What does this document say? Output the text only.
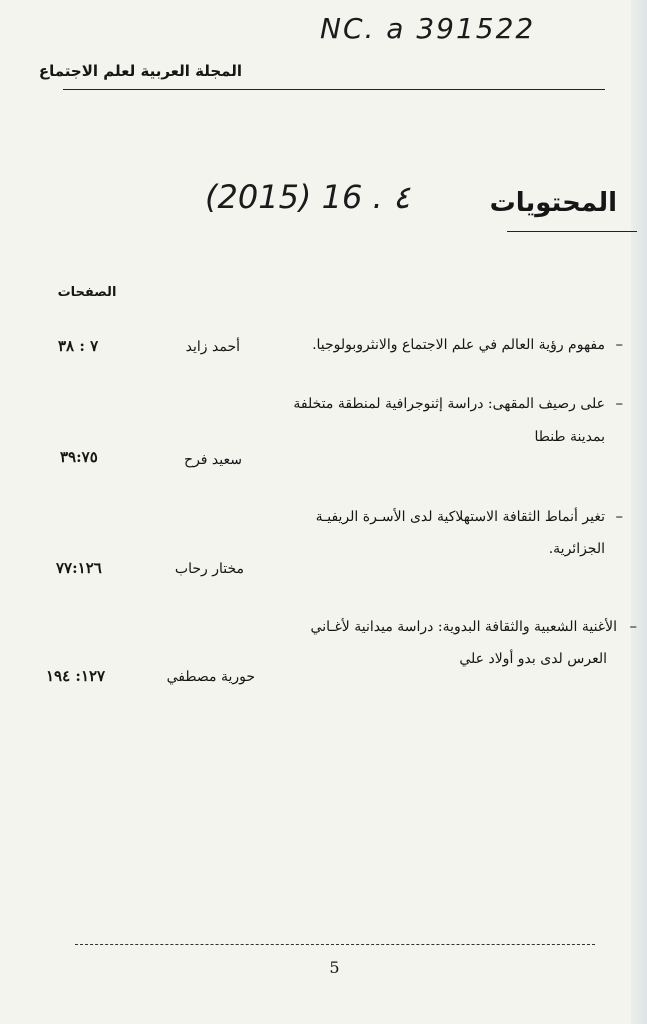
NC. a 391522
المجلة العربية لعلم الاجتماع
(2015) 16 . ٤	المحتويات
الصفحات
–
مفهوم رؤية العالم في علم الاجتماع والانثروبولوجيا.
أحمد زايد
٧ : ٣٨
–
على رصيف المقهى: دراسة إثنوجرافية لمنطقة متخلفة
بمدينة طنطا
سعيد فرح
٣٩:٧٥
–
تغير أنماط الثقافة الاستهلاكية لدى الأسـرة الريفيـة
الجزائرية.
مختار رحاب
٧٧:١٢٦
–
الأغنية الشعبية والثقافة البدوية: دراسة ميدانية لأغـاني
العرس لدى بدو أولاد علي
حورية مصطفي
١٢٧: ١٩٤
5
